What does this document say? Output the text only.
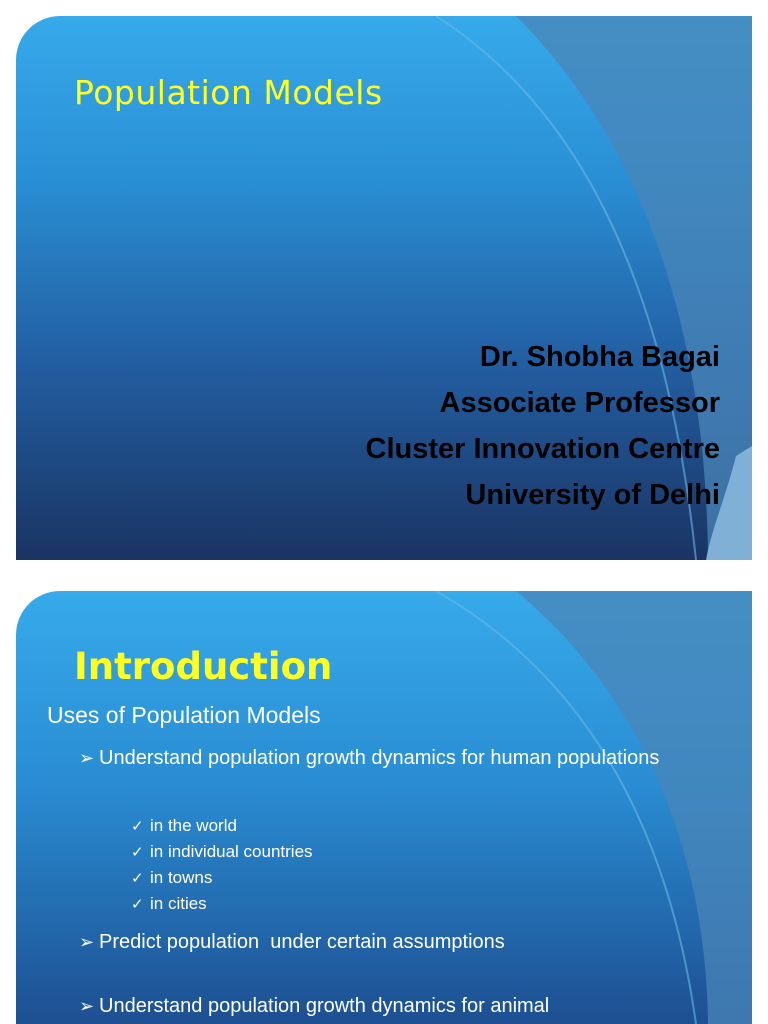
Population Models
Dr. Shobha Bagai
Associate Professor
Cluster Innovation Centre
University of Delhi
Introduction
Uses of Population Models
➢ Understand population growth dynamics for human populations
✓ in the world
✓ in individual countries
✓ in towns
✓ in cities
➢ Predict population  under certain assumptions
➢ Understand population growth dynamics for animal
